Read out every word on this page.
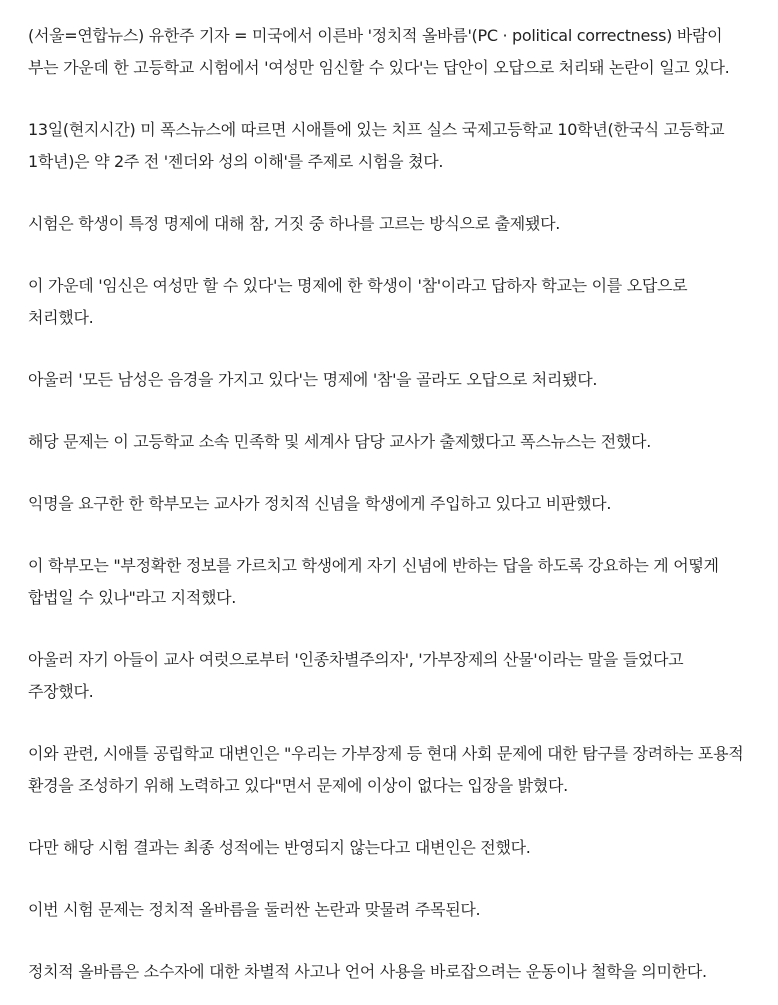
(서울=연합뉴스) 유한주 기자 = 미국에서 이른바 '정치적 올바름'(PC · political correctness) 바람이 부는 가운데 한 고등학교 시험에서 '여성만 임신할 수 있다'는 답안이 오답으로 처리돼 논란이 일고 있다.

13일(현지시간) 미 폭스뉴스에 따르면 시애틀에 있는 치프 실스 국제고등학교 10학년(한국식 고등학교 1학년)은 약 2주 전 '젠더와 성의 이해'를 주제로 시험을 쳤다.

시험은 학생이 특정 명제에 대해 참, 거짓 중 하나를 고르는 방식으로 출제됐다.

이 가운데 '임신은 여성만 할 수 있다'는 명제에 한 학생이 '참'이라고 답하자 학교는 이를 오답으로 처리했다.

아울러 '모든 남성은 음경을 가지고 있다'는 명제에 '참'을 골라도 오답으로 처리됐다.

해당 문제는 이 고등학교 소속 민족학 및 세계사 담당 교사가 출제했다고 폭스뉴스는 전했다.

익명을 요구한 한 학부모는 교사가 정치적 신념을 학생에게 주입하고 있다고 비판했다.

이 학부모는 "부정확한 정보를 가르치고 학생에게 자기 신념에 반하는 답을 하도록 강요하는 게 어떻게 합법일 수 있나"라고 지적했다.

아울러 자기 아들이 교사 여럿으로부터 '인종차별주의자', '가부장제의 산물'이라는 말을 들었다고 주장했다.

이와 관련, 시애틀 공립학교 대변인은 "우리는 가부장제 등 현대 사회 문제에 대한 탐구를 장려하는 포용적 환경을 조성하기 위해 노력하고 있다"면서 문제에 이상이 없다는 입장을 밝혔다.

다만 해당 시험 결과는 최종 성적에는 반영되지 않는다고 대변인은 전했다.

이번 시험 문제는 정치적 올바름을 둘러싼 논란과 맞물려 주목된다.

정치적 올바름은 소수자에 대한 차별적 사고나 언어 사용을 바로잡으려는 운동이나 철학을 의미한다.
